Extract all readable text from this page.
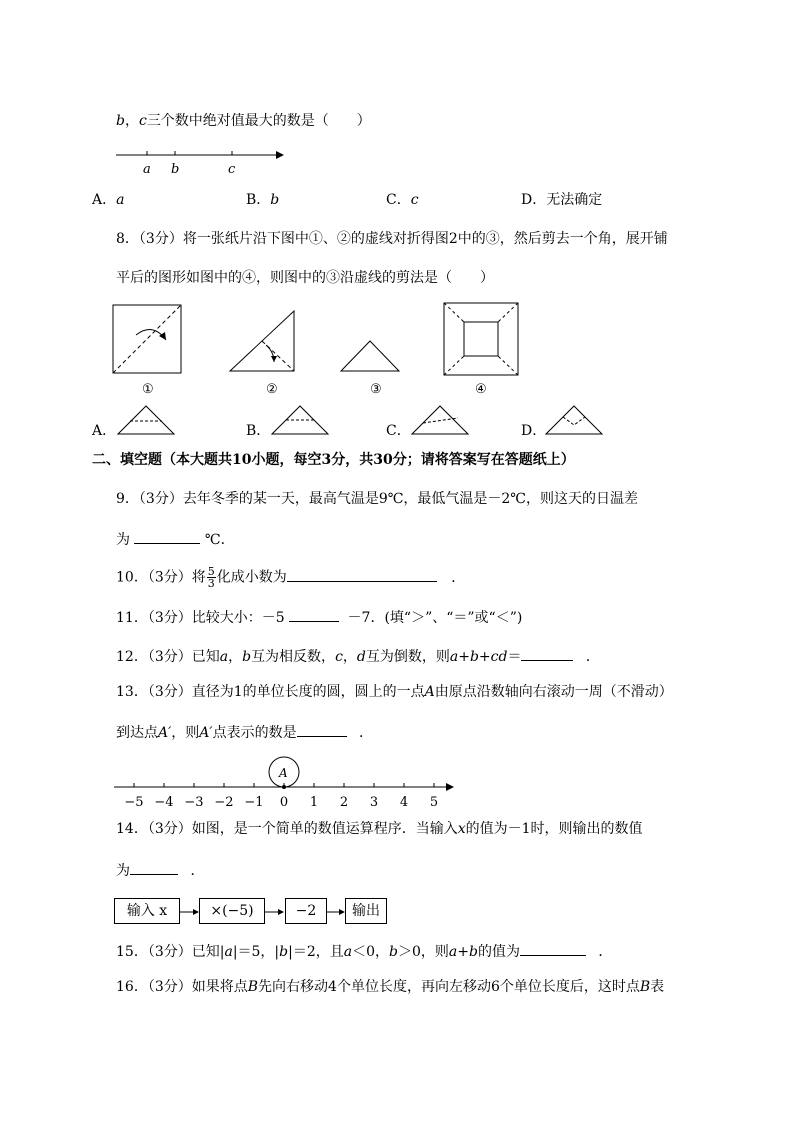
b，c三个数中绝对值最大的数是（　　）
a b	c
A．a	B．b	C．c	D．无法确定
8．（3分）将一张纸片沿下图中①、②的虚线对折得图2中的③，然后剪去一个角，展开铺
平后的图形如图中的④，则图中的③沿虚线的剪法是（　　）
①	②	③	④
A．	B．	C．	D．
二、填空题（本大题共10小题，每空3分，共30分；请将答案写在答题纸上）
9．（3分）去年冬季的某一天，最高气温是9℃，最低气温是－2℃，则这天的日温差
为	℃．
10．（3分）将 $\frac{5}{3}$ 化成小数为	．
11．（3分）比较大小：－5	－7．(填“＞”、“＝”或“＜”)
12．（3分）已知a，b互为相反数，c，d互为倒数，则a+b+cd＝	．
13．（3分）直径为1的单位长度的圆，圆上的一点A由原点沿数轴向右滚动一周（不滑动）
到达点A′，则A′点表示的数是	．
A
−5 −4 −3 −2 −1 0 1 2 3 4 5
14．（3分）如图，是一个简单的数值运算程序．当输入x的值为－1时，则输出的数值
为	．
输入 x	×(−5)	−2	输出
15．（3分）已知|a|＝5，|b|＝2，且a＜0，b＞0，则a+b的值为	．
16．（3分）如果将点B先向右移动4个单位长度，再向左移动6个单位长度后，这时点B表
